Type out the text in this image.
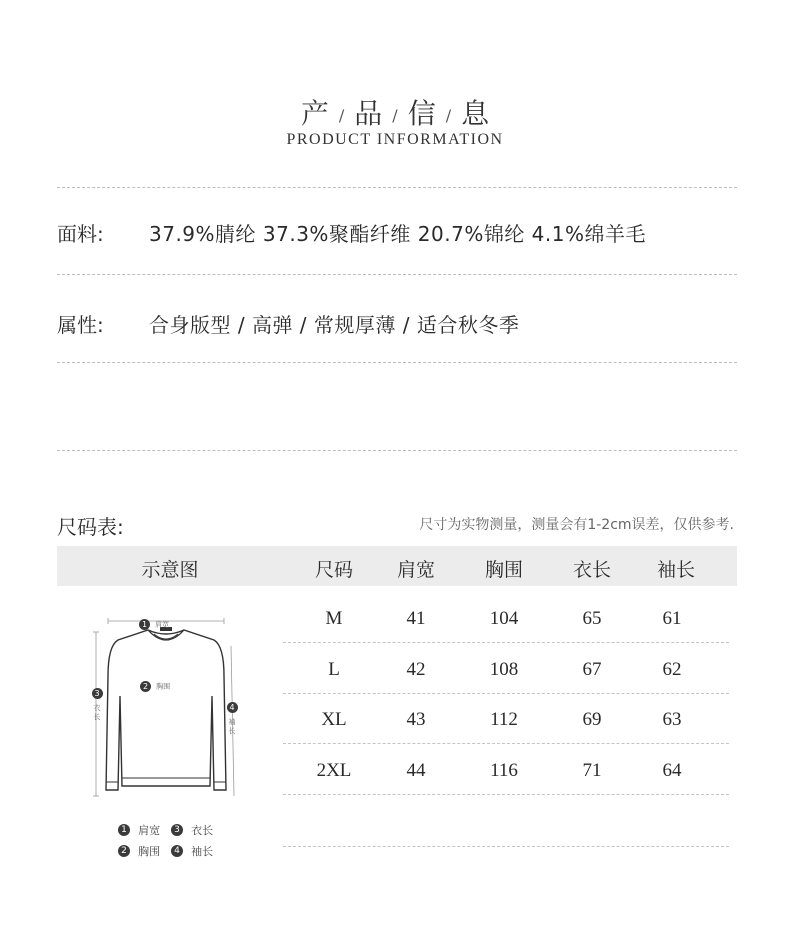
产 / 品 / 信 / 息
PRODUCT INFORMATION
面料: 37.9%腈纶 37.3%聚酯纤维 20.7%锦纶 4.1%绵羊毛
属性: 合身版型 / 高弹 / 常规厚薄 / 适合秋冬季
尺码表:	尺寸为实物测量，测量会有1-2cm误差，仅供参考.
示意图	尺码	肩宽	胸围	衣长	袖长
M	41	104	65	61
L	42	108	67	62
XL	43	112	69	63
2XL	44	116	71	64
1 肩宽
2 胸围
3
衣长
4
袖长
1 肩宽	3 衣长
2 胸围	4 袖长
